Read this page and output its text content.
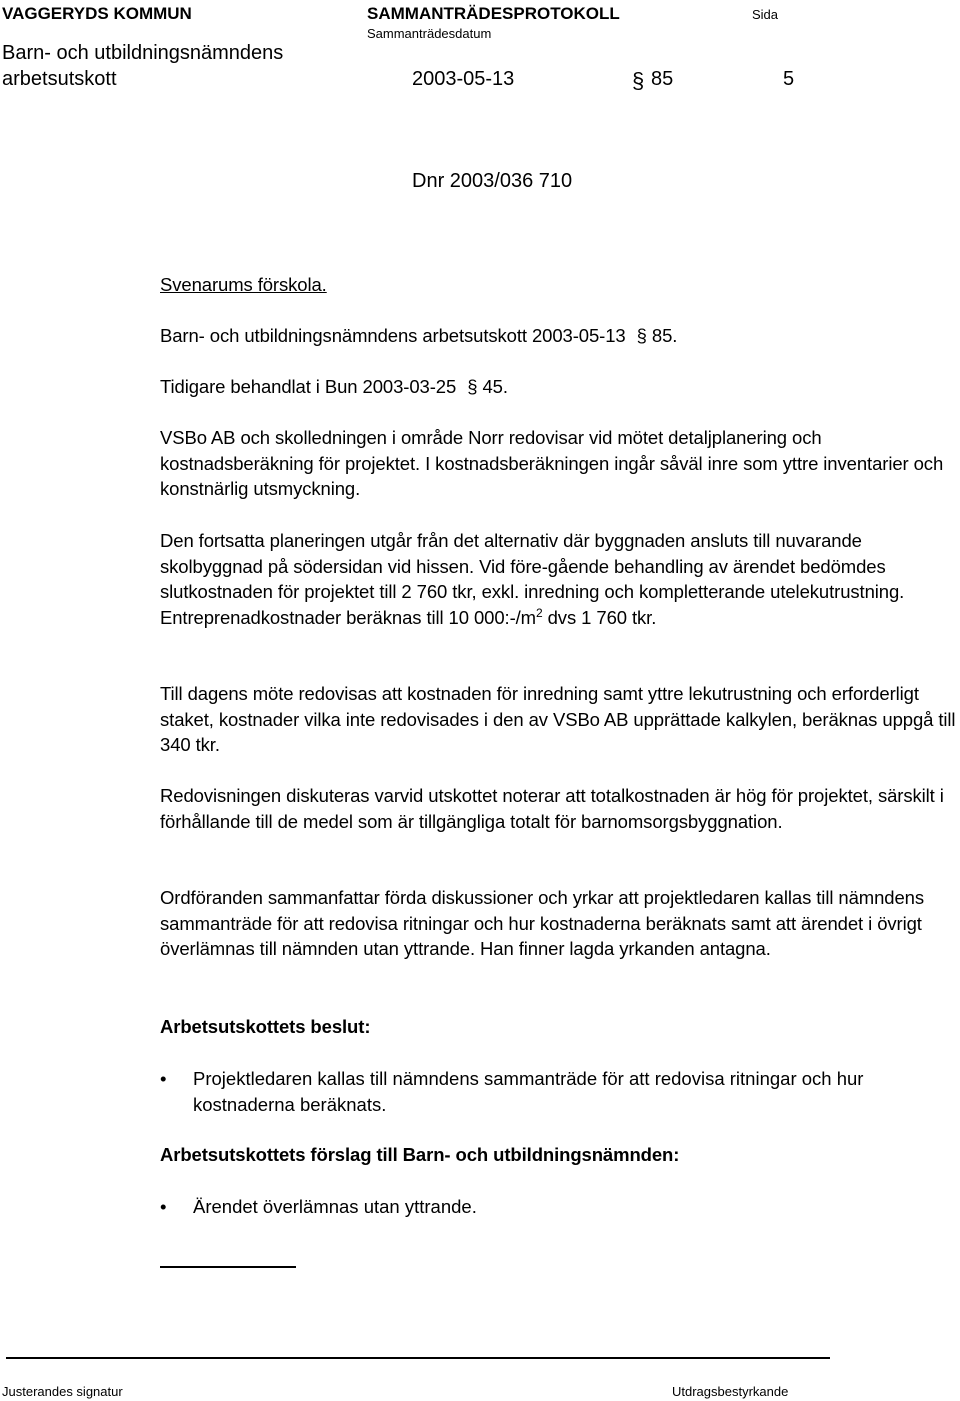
VAGGERYDS KOMMUN	SAMMANTRÄDESPROTOKOLL
Sammanträdesdatum
Sida
Barn- och utbildningsnämndens
arbetsutskott	2003-05-13	§ 85	5
Dnr 2003/036 710

Svenarums förskola.

Barn- och utbildningsnämndens arbetsutskott 2003-05-13 § 85.
Tidigare behandlat i Bun 2003-03-25 § 45.
VSBo AB och skolledningen i område Norr redovisar vid mötet detaljplanering och kostnadsberäkning för projektet. I kostnadsberäkningen ingår såväl inre som yttre inventarier och konstnärlig utsmyckning.
Den fortsatta planeringen utgår från det alternativ där byggnaden ansluts till nuvarande skolbyggnad på södersidan vid hissen. Vid före-gående behandling av ärendet bedömdes slutkostnaden för projektet till 2 760 tkr, exkl. inredning och kompletterande utelekutrustning. Entreprenadkostnader beräknas till 10 $000:-/m^2$ dvs 1 760 tkr.
Till dagens möte redovisas att kostnaden för inredning samt yttre lekutrustning och erforderligt staket, kostnader vilka inte redovisades i den av VSBo AB upprättade kalkylen, beräknas uppgå till 340 tkr.
Redovisningen diskuteras varvid utskottet noterar att totalkostnaden är hög för projektet, särskilt i förhållande till de medel som är tillgängliga totalt för barnomsorgsbyggnation.
Ordföranden sammanfattar förda diskussioner och yrkar att projektledaren kallas till nämndens sammanträde för att redovisa ritningar och hur kostnaderna beräknats samt att ärendet i övrigt överlämnas till nämnden utan yttrande. Han finner lagda yrkanden antagna.
Arbetsutskottets beslut:
• Projektledaren kallas till nämndens sammanträde för att redovisa ritningar och hur kostnaderna beräknats.
Arbetsutskottets förslag till Barn- och utbildningsnämnden:
• Ärendet överlämnas utan yttrande.
Justerandes signatur	Utdragsbestyrkande
